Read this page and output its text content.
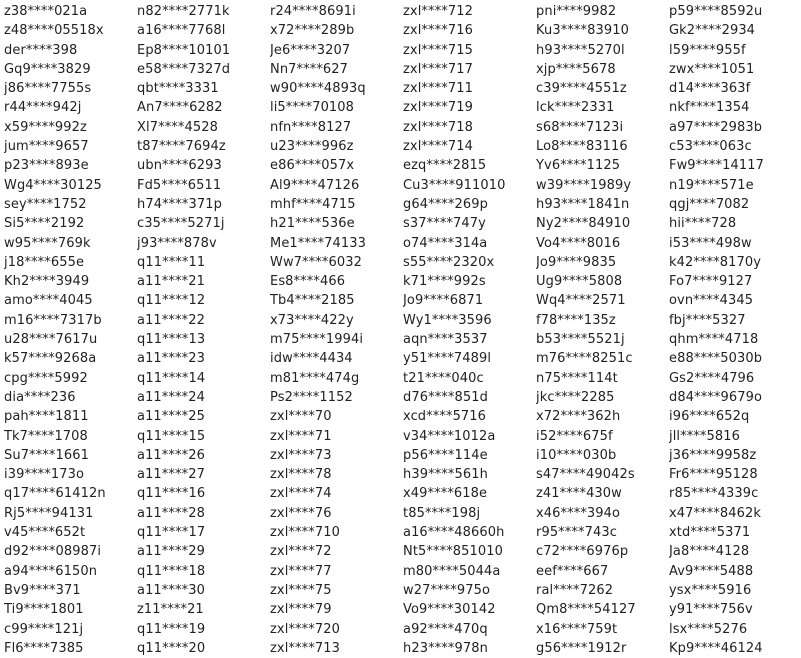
z38****021a
z48****05518x
der****398
Gq9****3829
j86****7755s
r44****942j
x59****992z
jum****9657
p23****893e
Wg4****30125
sey****1752
Si5****2192
w95****769k
j18****655e
Kh2****3949
amo****4045
m16****7317b
u28****7617u
k57****9268a
cpg****5992
dia****236
pah****1811
Tk7****1708
Su7****1661
i39****173o
q17****61412n
Rj5****94131
v45****652t
d92****08987i
a94****6150n
Bv9****371
Ti9****1801
c99****121j
Fl6****7385
n82****2771k
a16****7768l
Ep8****10101
e58****7327d
qbt****3331
An7****6282
Xl7****4528
t87****7694z
ubn****6293
Fd5****6511
h74****371p
c35****5271j
j93****878v
q11****11
a11****21
q11****12
a11****22
q11****13
a11****23
q11****14
a11****24
a11****25
q11****15
a11****26
a11****27
q11****16
a11****28
q11****17
a11****29
q11****18
a11****30
z11****21
q11****19
q11****20
r24****8691i
x72****289b
Je6****3207
Nn7****627
w90****4893q
li5****70108
nfn****8127
u23****996z
e86****057x
Al9****47126
mhf****4715
h21****536e
Me1****74133
Ww7****6032
Es8****466
Tb4****2185
x73****422y
m75****1994i
idw****4434
m81****474g
Ps2****1152
zxl****70
zxl****71
zxl****73
zxl****78
zxl****74
zxl****76
zxl****710
zxl****72
zxl****77
zxl****75
zxl****79
zxl****720
zxl****713
zxl****712
zxl****716
zxl****715
zxl****717
zxl****711
zxl****719
zxl****718
zxl****714
ezq****2815
Cu3****911010
g64****269p
s37****747y
o74****314a
s55****2320x
k71****992s
Jo9****6871
Wy1****3596
aqn****3537
y51****7489l
t21****040c
d76****851d
xcd****5716
v34****1012a
p56****114e
h39****561h
x49****618e
t85****198j
a16****48660h
Nt5****851010
m80****5044a
w27****975o
Vo9****30142
a92****470q
h23****978n
pni****9982
Ku3****83910
h93****5270l
xjp****5678
c39****4551z
lck****2331
s68****7123i
Lo8****83116
Yv6****1125
w39****1989y
h93****1841n
Ny2****84910
Vo4****8016
Jo9****9835
Ug9****5808
Wq4****2571
f78****135z
b53****5521j
m76****8251c
n75****114t
jkc****2285
x72****362h
i52****675f
i10****030b
s47****49042s
z41****430w
x46****394o
r95****743c
c72****6976p
eef****667
ral****7262
Qm8****54127
x16****759t
g56****1912r
p59****8592u
Gk2****2934
l59****955f
zwx****1051
d14****363f
nkf****1354
a97****2983b
c53****063c
Fw9****14117
n19****571e
qgj****7082
hii****728
i53****498w
k42****8170y
Fo7****9127
ovn****4345
fbj****5327
qhm****4718
e88****5030b
Gs2****4796
d84****9679o
i96****652q
jll****5816
j36****9958z
Fr6****95128
r85****4339c
x47****8462k
xtd****5371
Ja8****4128
Av9****5488
ysx****5916
y91****756v
lsx****5276
Kp9****46124
